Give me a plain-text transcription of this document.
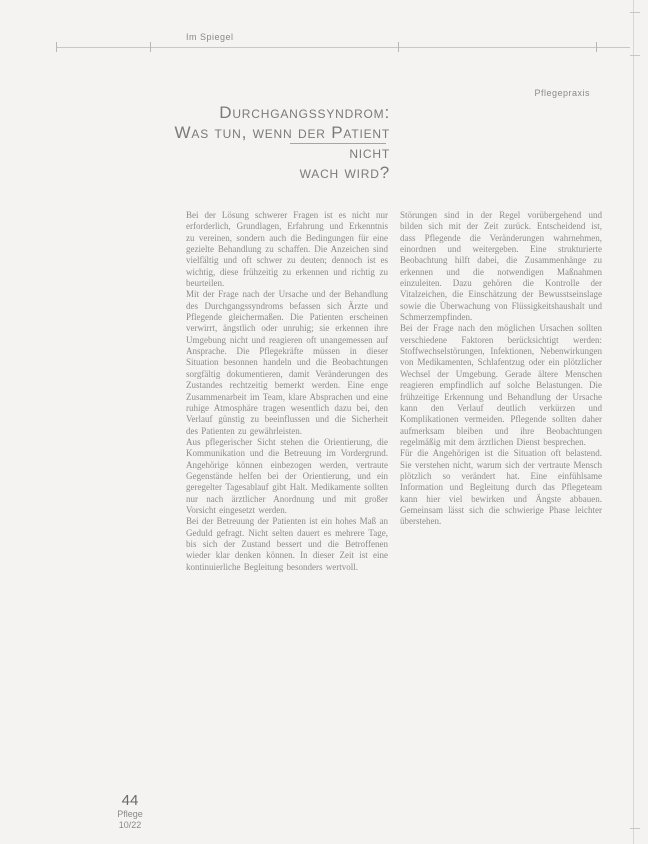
Im Spiegel
Pflegepraxis
Durchgangssyndrom:
Was tun, wenn der Patient nicht
wach wird?

Bei der Lösung schwerer Fragen ist es nicht nur erforderlich, Grundlagen, Erfahrung und Erkenntnis zu vereinen, sondern auch die Bedingungen für eine gezielte Behandlung zu schaffen. Die Anzeichen sind vielfältig und oft schwer zu deuten; dennoch ist es wichtig, diese frühzeitig zu erkennen und richtig zu beurteilen.

Mit der Frage nach der Ursache und der Behandlung des Durchgangssyndroms befassen sich Ärzte und Pflegende gleichermaßen. Die Patienten erscheinen verwirrt, ängstlich oder unruhig; sie erkennen ihre Umgebung nicht und reagieren oft unangemessen auf Ansprache. Die Pflegekräfte müssen in dieser Situation besonnen handeln und die Beobachtungen sorgfältig dokumentieren, damit Veränderungen des Zustandes rechtzeitig bemerkt werden. Eine enge Zusammenarbeit im Team, klare Absprachen und eine ruhige Atmosphäre tragen wesentlich dazu bei, den Verlauf günstig zu beeinflussen und die Sicherheit des Patienten zu gewährleisten.

Aus pflegerischer Sicht stehen die Orientierung, die Kommunikation und die Betreuung im Vordergrund. Angehörige können einbezogen werden, vertraute Gegenstände helfen bei der Orientierung, und ein geregelter Tagesablauf gibt Halt. Medikamente sollten nur nach ärztlicher Anordnung und mit großer Vorsicht eingesetzt werden.

Bei der Betreuung der Patienten ist ein hohes Maß an Geduld gefragt. Nicht selten dauert es mehrere Tage, bis sich der Zustand bessert und die Betroffenen wieder klar denken können. In dieser Zeit ist eine kontinuierliche Begleitung besonders wertvoll.

Störungen sind in der Regel vorübergehend und bilden sich mit der Zeit zurück. Entscheidend ist, dass Pflegende die Veränderungen wahrnehmen, einordnen und weitergeben. Eine strukturierte Beobachtung hilft dabei, die Zusammenhänge zu erkennen und die notwendigen Maßnahmen einzuleiten. Dazu gehören die Kontrolle der Vitalzeichen, die Einschätzung der Bewusstseinslage sowie die Überwachung von Flüssigkeitshaushalt und Schmerzempfinden.

Bei der Frage nach den möglichen Ursachen sollten verschiedene Faktoren berücksichtigt werden: Stoffwechselstörungen, Infektionen, Nebenwirkungen von Medikamenten, Schlafentzug oder ein plötzlicher Wechsel der Umgebung. Gerade ältere Menschen reagieren empfindlich auf solche Belastungen. Die frühzeitige Erkennung und Behandlung der Ursache kann den Verlauf deutlich verkürzen und Komplikationen vermeiden. Pflegende sollten daher aufmerksam bleiben und ihre Beobachtungen regelmäßig mit dem ärztlichen Dienst besprechen.

Für die Angehörigen ist die Situation oft belastend. Sie verstehen nicht, warum sich der vertraute Mensch plötzlich so verändert hat. Eine einfühlsame Information und Begleitung durch das Pflegeteam kann hier viel bewirken und Ängste abbauen. Gemeinsam lässt sich die schwierige Phase leichter überstehen.

44
Pflege
10/22
